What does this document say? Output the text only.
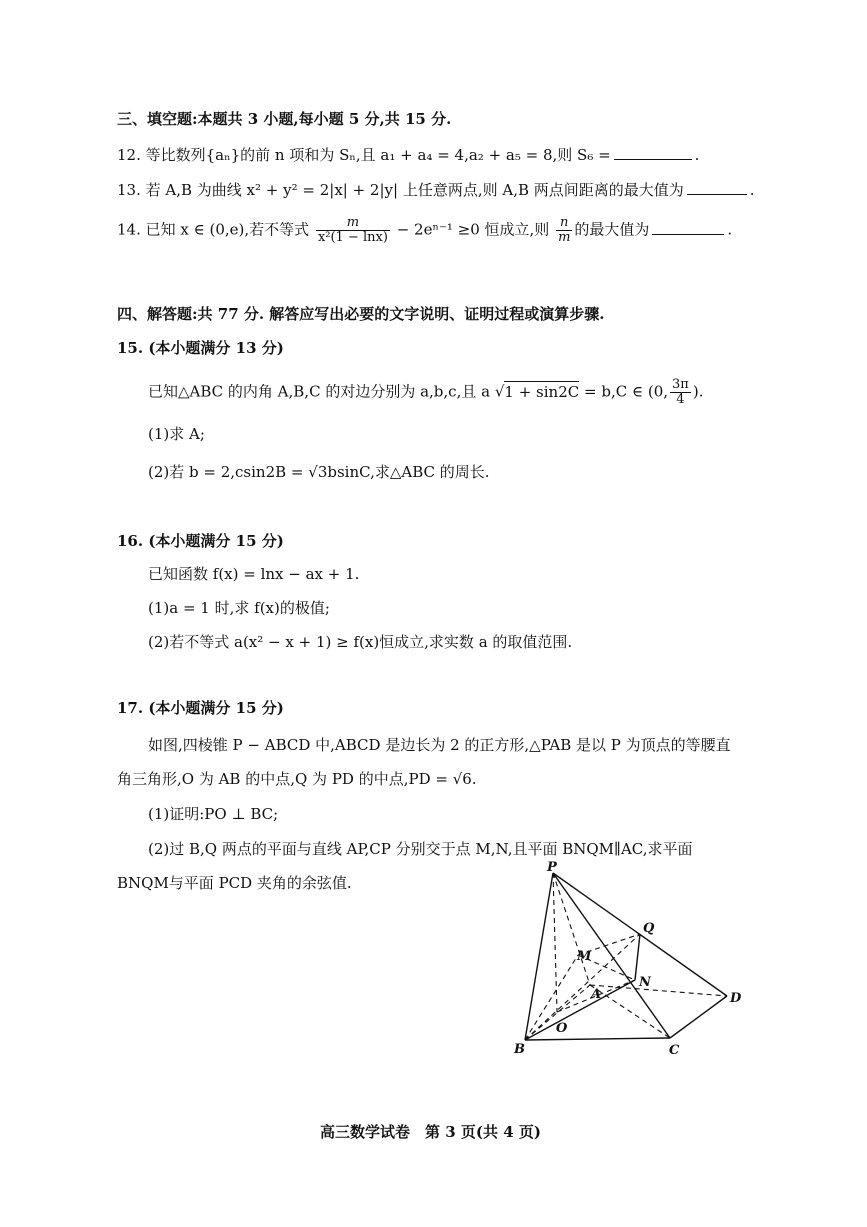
三、填空题:本题共 3 小题,每小题 5 分,共 15 分.
12. 等比数列{aₙ}的前 n 项和为 Sₙ,且 a₁ + a₄ = 4,a₂ + a₅ = 8,则 S₆ =	.
13. 若 A,B 为曲线 x² + y² = 2|x| + 2|y| 上任意两点,则 A,B 两点间距离的最大值为	.
14. 已知 x ∈ (0,e),若不等式 $\frac{m}{\text{x²(1 − lnx)}} - 2e^{n-1} \ge 0$ 恒成立,则 $\frac{n}{m}$ 的最大值为	.
四、解答题:共 77 分. 解答应写出必要的文字说明、证明过程或演算步骤.
15. (本小题满分 13 分)
已知△ABC 的内角 A,B,C 的对边分别为 a,b,c,且 a √1 + sin2C = b,C ∈ (0, $\frac{3\pi}{4}$ ).
(1)求 A;
(2)若 b = 2,csin2B = √3bsinC,求△ABC 的周长.
16. (本小题满分 15 分)
已知函数 f(x) = lnx − ax + 1.
(1)a = 1 时,求 f(x)的极值;
(2)若不等式 a(x² − x + 1) ≥ f(x)恒成立,求实数 a 的取值范围.
17. (本小题满分 15 分)
如图,四棱锥 P − ABCD 中,ABCD 是边长为 2 的正方形,△PAB 是以 P 为顶点的等腰直
角三角形,O 为 AB 的中点,Q 为 PD 的中点,PD = √6.
(1)证明:PO ⊥ BC;
(2)过 B,Q 两点的平面与直线 AP,CP 分别交于点 M,N,且平面 BNQM∥AC,求平面
BNQM与平面 PCD 夹角的余弦值.
P
Q
M
N
A	D
O
B	C
高三数学试卷　第 3 页(共 4 页)
